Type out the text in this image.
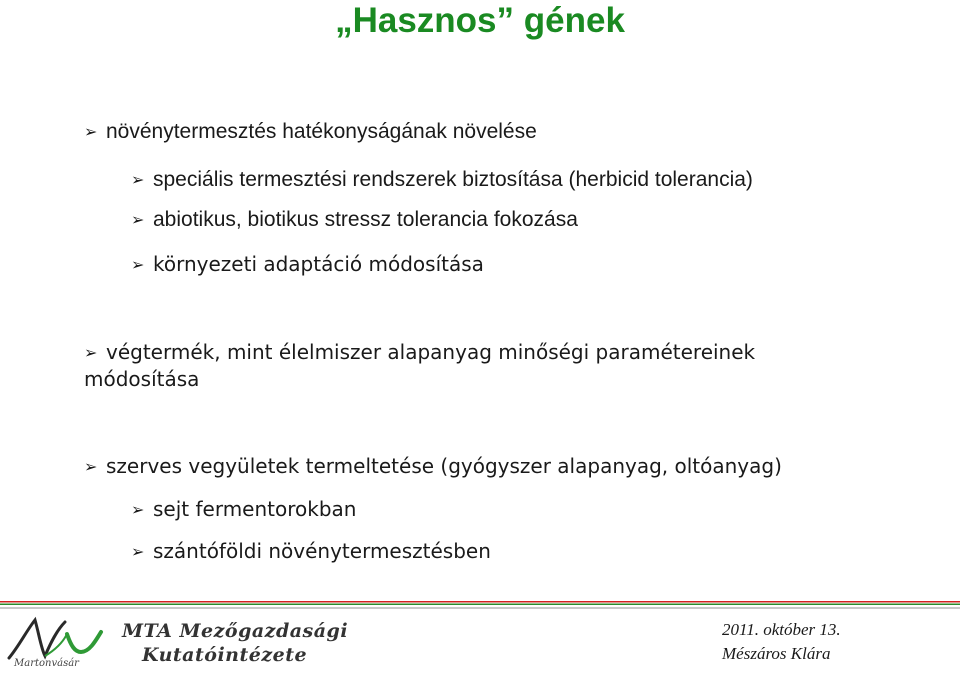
„Hasznos” gének
➢ növénytermesztés hatékonyságának növelése
➢ speciális termesztési rendszerek biztosítása (herbicid tolerancia)
➢ abiotikus, biotikus stressz tolerancia fokozása
➢ környezeti adaptáció módosítása
➢ végtermék, mint élelmiszer alapanyag minőségi paramétereinek
módosítása
➢ szerves vegyületek termeltetése (gyógyszer alapanyag, oltóanyag)
➢ sejt fermentorokban
➢ szántóföldi növénytermesztésben
Martonvásár
MTA Mezőgazdasági
Kutatóintézete
2011. október 13.
Mészáros Klára
